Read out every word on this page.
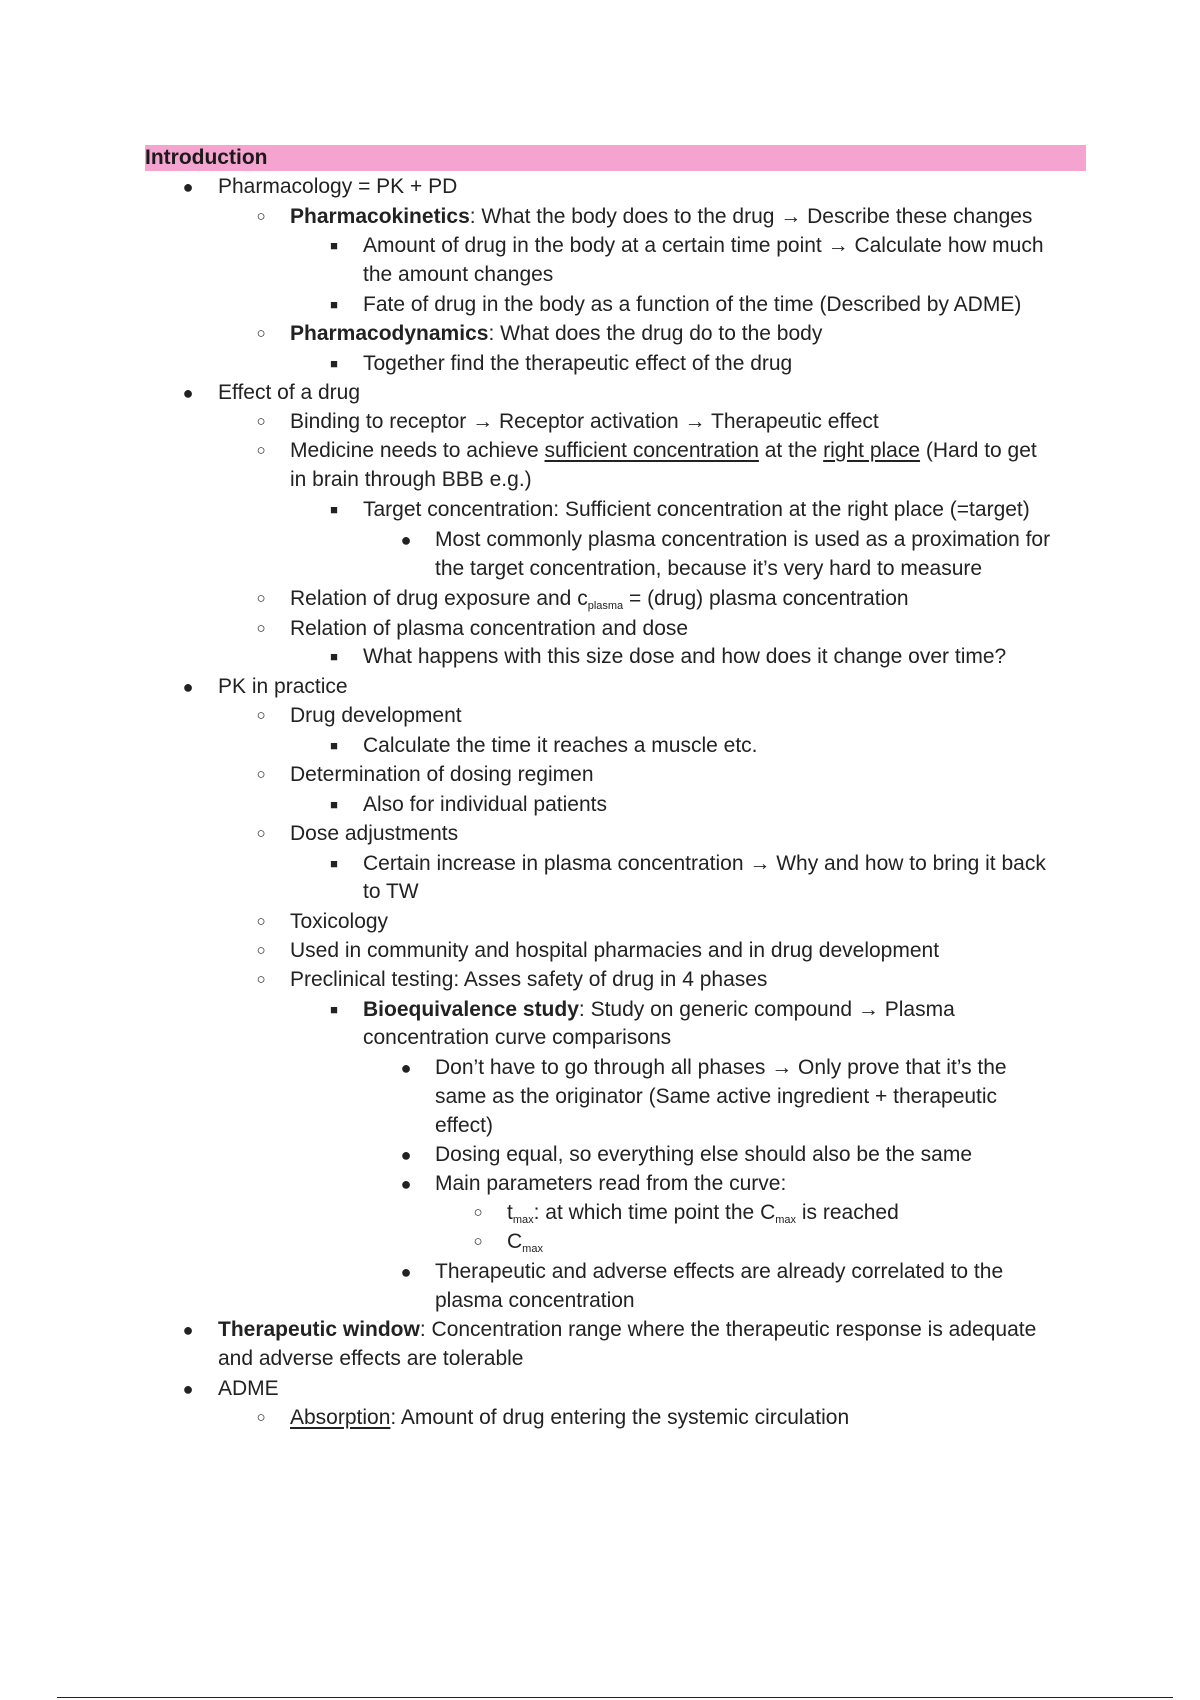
Introduction
● Pharmacology = PK + PD
○ Pharmacokinetics: What the body does to the drug → Describe these changes
■ Amount of drug in the body at a certain time point → Calculate how much
the amount changes
■ Fate of drug in the body as a function of the time (Described by ADME)
○ Pharmacodynamics: What does the drug do to the body
■ Together find the therapeutic effect of the drug
● Effect of a drug
○ Binding to receptor → Receptor activation → Therapeutic effect
○ Medicine needs to achieve sufficient concentration at the right place (Hard to get
in brain through BBB e.g.)
■ Target concentration: Sufficient concentration at the right place (=target)
● Most commonly plasma concentration is used as a proximation for
the target concentration, because it’s very hard to measure
○ Relation of drug exposure and $c_{plasma}$ = (drug) plasma concentration
○ Relation of plasma concentration and dose
■ What happens with this size dose and how does it change over time?
● PK in practice
○ Drug development
■ Calculate the time it reaches a muscle etc.
○ Determination of dosing regimen
■ Also for individual patients
○ Dose adjustments
■ Certain increase in plasma concentration → Why and how to bring it back
to TW
○ Toxicology
○ Used in community and hospital pharmacies and in drug development
○ Preclinical testing: Asses safety of drug in 4 phases
■ Bioequivalence study: Study on generic compound → Plasma
concentration curve comparisons
● Don’t have to go through all phases → Only prove that it’s the
same as the originator (Same active ingredient + therapeutic
effect)
● Dosing equal, so everything else should also be the same
● Main parameters read from the curve:
○ $t_{max}$: at which time point the $C_{max}$ is reached
○ $C_{max}$
● Therapeutic and adverse effects are already correlated to the
plasma concentration
● Therapeutic window: Concentration range where the therapeutic response is adequate
and adverse effects are tolerable
● ADME
○ Absorption: Amount of drug entering the systemic circulation
